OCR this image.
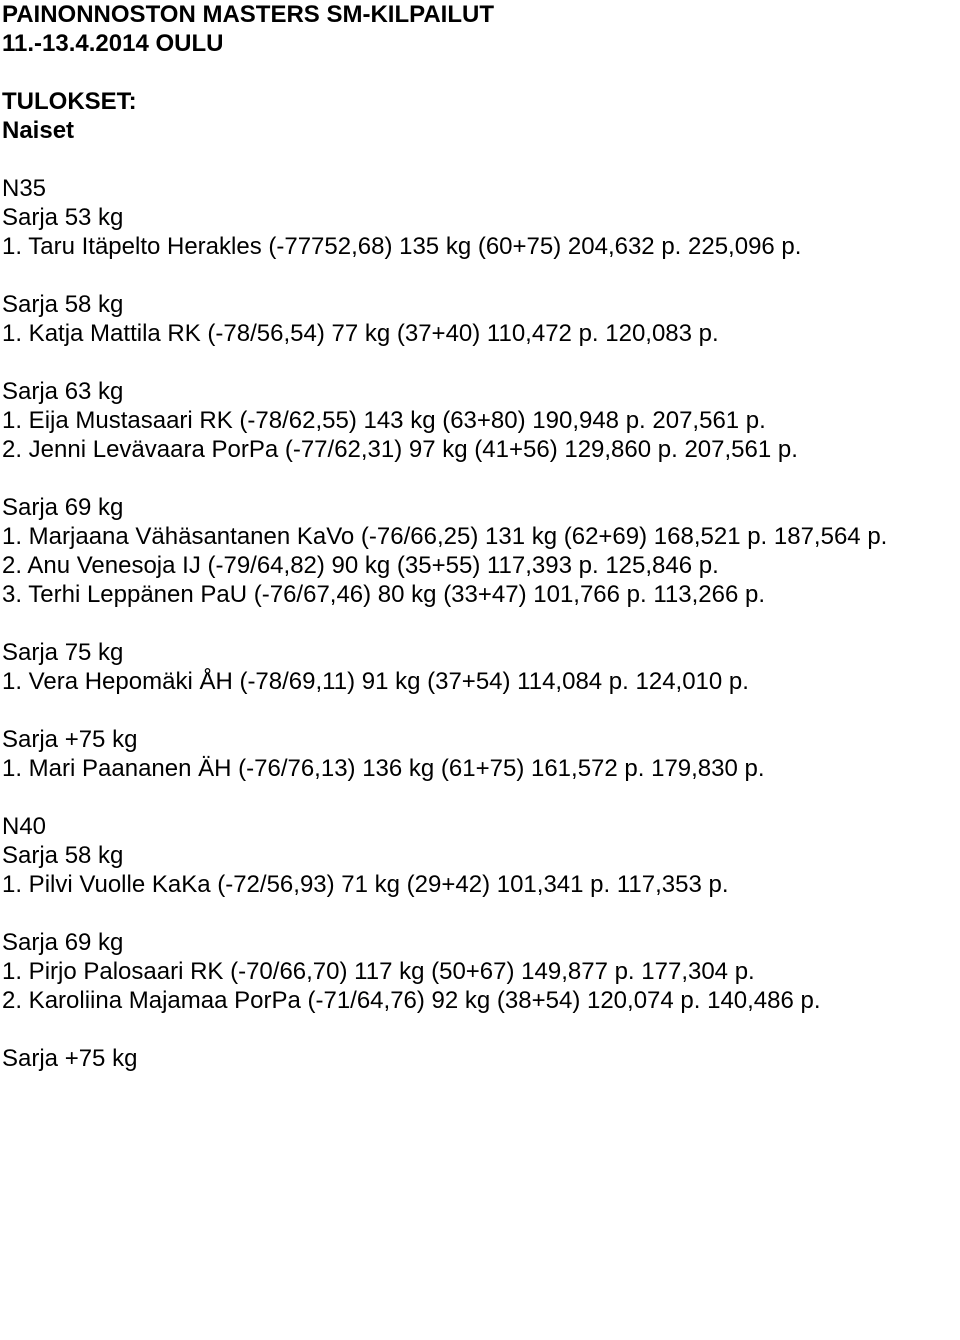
PAINONNOSTON MASTERS SM-KILPAILUT

11.-13.4.2014 OULU

TULOKSET:

Naiset

N35

Sarja 53 kg

1. Taru Itäpelto Herakles (-77752,68) 135 kg (60+75) 204,632 p. 225,096 p.

Sarja 58 kg

1. Katja Mattila RK (-78/56,54) 77 kg (37+40) 110,472 p. 120,083 p.

Sarja 63 kg

1. Eija Mustasaari RK (-78/62,55) 143 kg (63+80) 190,948 p. 207,561 p.

2. Jenni Levävaara PorPa (-77/62,31) 97 kg (41+56) 129,860 p. 207,561 p.

Sarja 69 kg

1. Marjaana Vähäsantanen KaVo (-76/66,25) 131 kg (62+69) 168,521 p. 187,564 p.

2. Anu Venesoja IJ (-79/64,82) 90 kg (35+55) 117,393 p. 125,846 p.

3. Terhi Leppänen PaU (-76/67,46) 80 kg (33+47) 101,766 p. 113,266 p.

Sarja 75 kg

1. Vera Hepomäki ÅH (-78/69,11) 91 kg (37+54) 114,084 p. 124,010 p.

Sarja +75 kg

1. Mari Paananen ÄH (-76/76,13) 136 kg (61+75) 161,572 p. 179,830 p.

N40

Sarja 58 kg

1. Pilvi Vuolle KaKa (-72/56,93) 71 kg (29+42) 101,341 p. 117,353 p.

Sarja 69 kg

1. Pirjo Palosaari RK (-70/66,70) 117 kg (50+67) 149,877 p. 177,304 p.

2. Karoliina Majamaa PorPa (-71/64,76) 92 kg (38+54) 120,074 p. 140,486 p.

Sarja +75 kg
